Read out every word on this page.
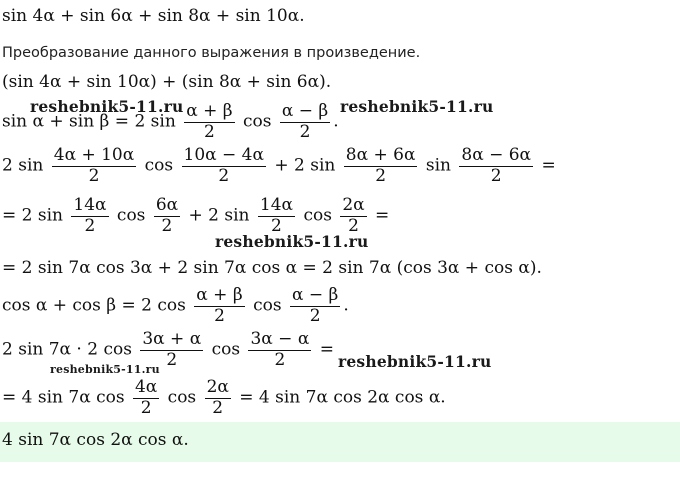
sin 4α + sin 6α + sin 8α + sin 10α.
Преобразование данного выражения в произведение.
(sin 4α + sin 10α) + (sin 8α + sin 6α).
sin α + sin β = 2 $\sin \frac{\alpha + \beta}{2}$ $\cos \frac{\alpha - \beta}{2}$ .
2 $\sin \frac{4\alpha + 10\alpha}{2}$ $\cos \frac{10\alpha - 4\alpha}{2} + 2$ $\sin \frac{8\alpha + 6\alpha}{2}$ $\sin \frac{8\alpha - 6\alpha}{2}$ =
= 2 $\sin \frac{14\alpha}{2}$ $\cos \frac{6\alpha}{2} + 2$ $\sin \frac{14\alpha}{2}$ $\cos \frac{2\alpha}{2}$ =
= 2 sin 7α cos 3α + 2 sin 7α cos α = 2 sin 7α (cos 3α + cos α).
cos α + cos β = 2 $\cos \frac{\alpha + \beta}{2}$ $\cos \frac{\alpha - \beta}{2}$ .
2 sin 7α · 2 $\cos \frac{3\alpha + \alpha}{2}$ $\cos \frac{3\alpha - \alpha}{2}$ =
= 4 sin 7α $\cos \frac{4\alpha}{2}$ $\cos \frac{2\alpha}{2} = 4$ sin 7α cos 2α cos α.
4 sin 7α cos 2α cos α.
reshebnik5-11.ru	reshebnik5-11.ru
reshebnik5-11.ru
reshebnik5-11.ru	reshebnik5-11.ru
